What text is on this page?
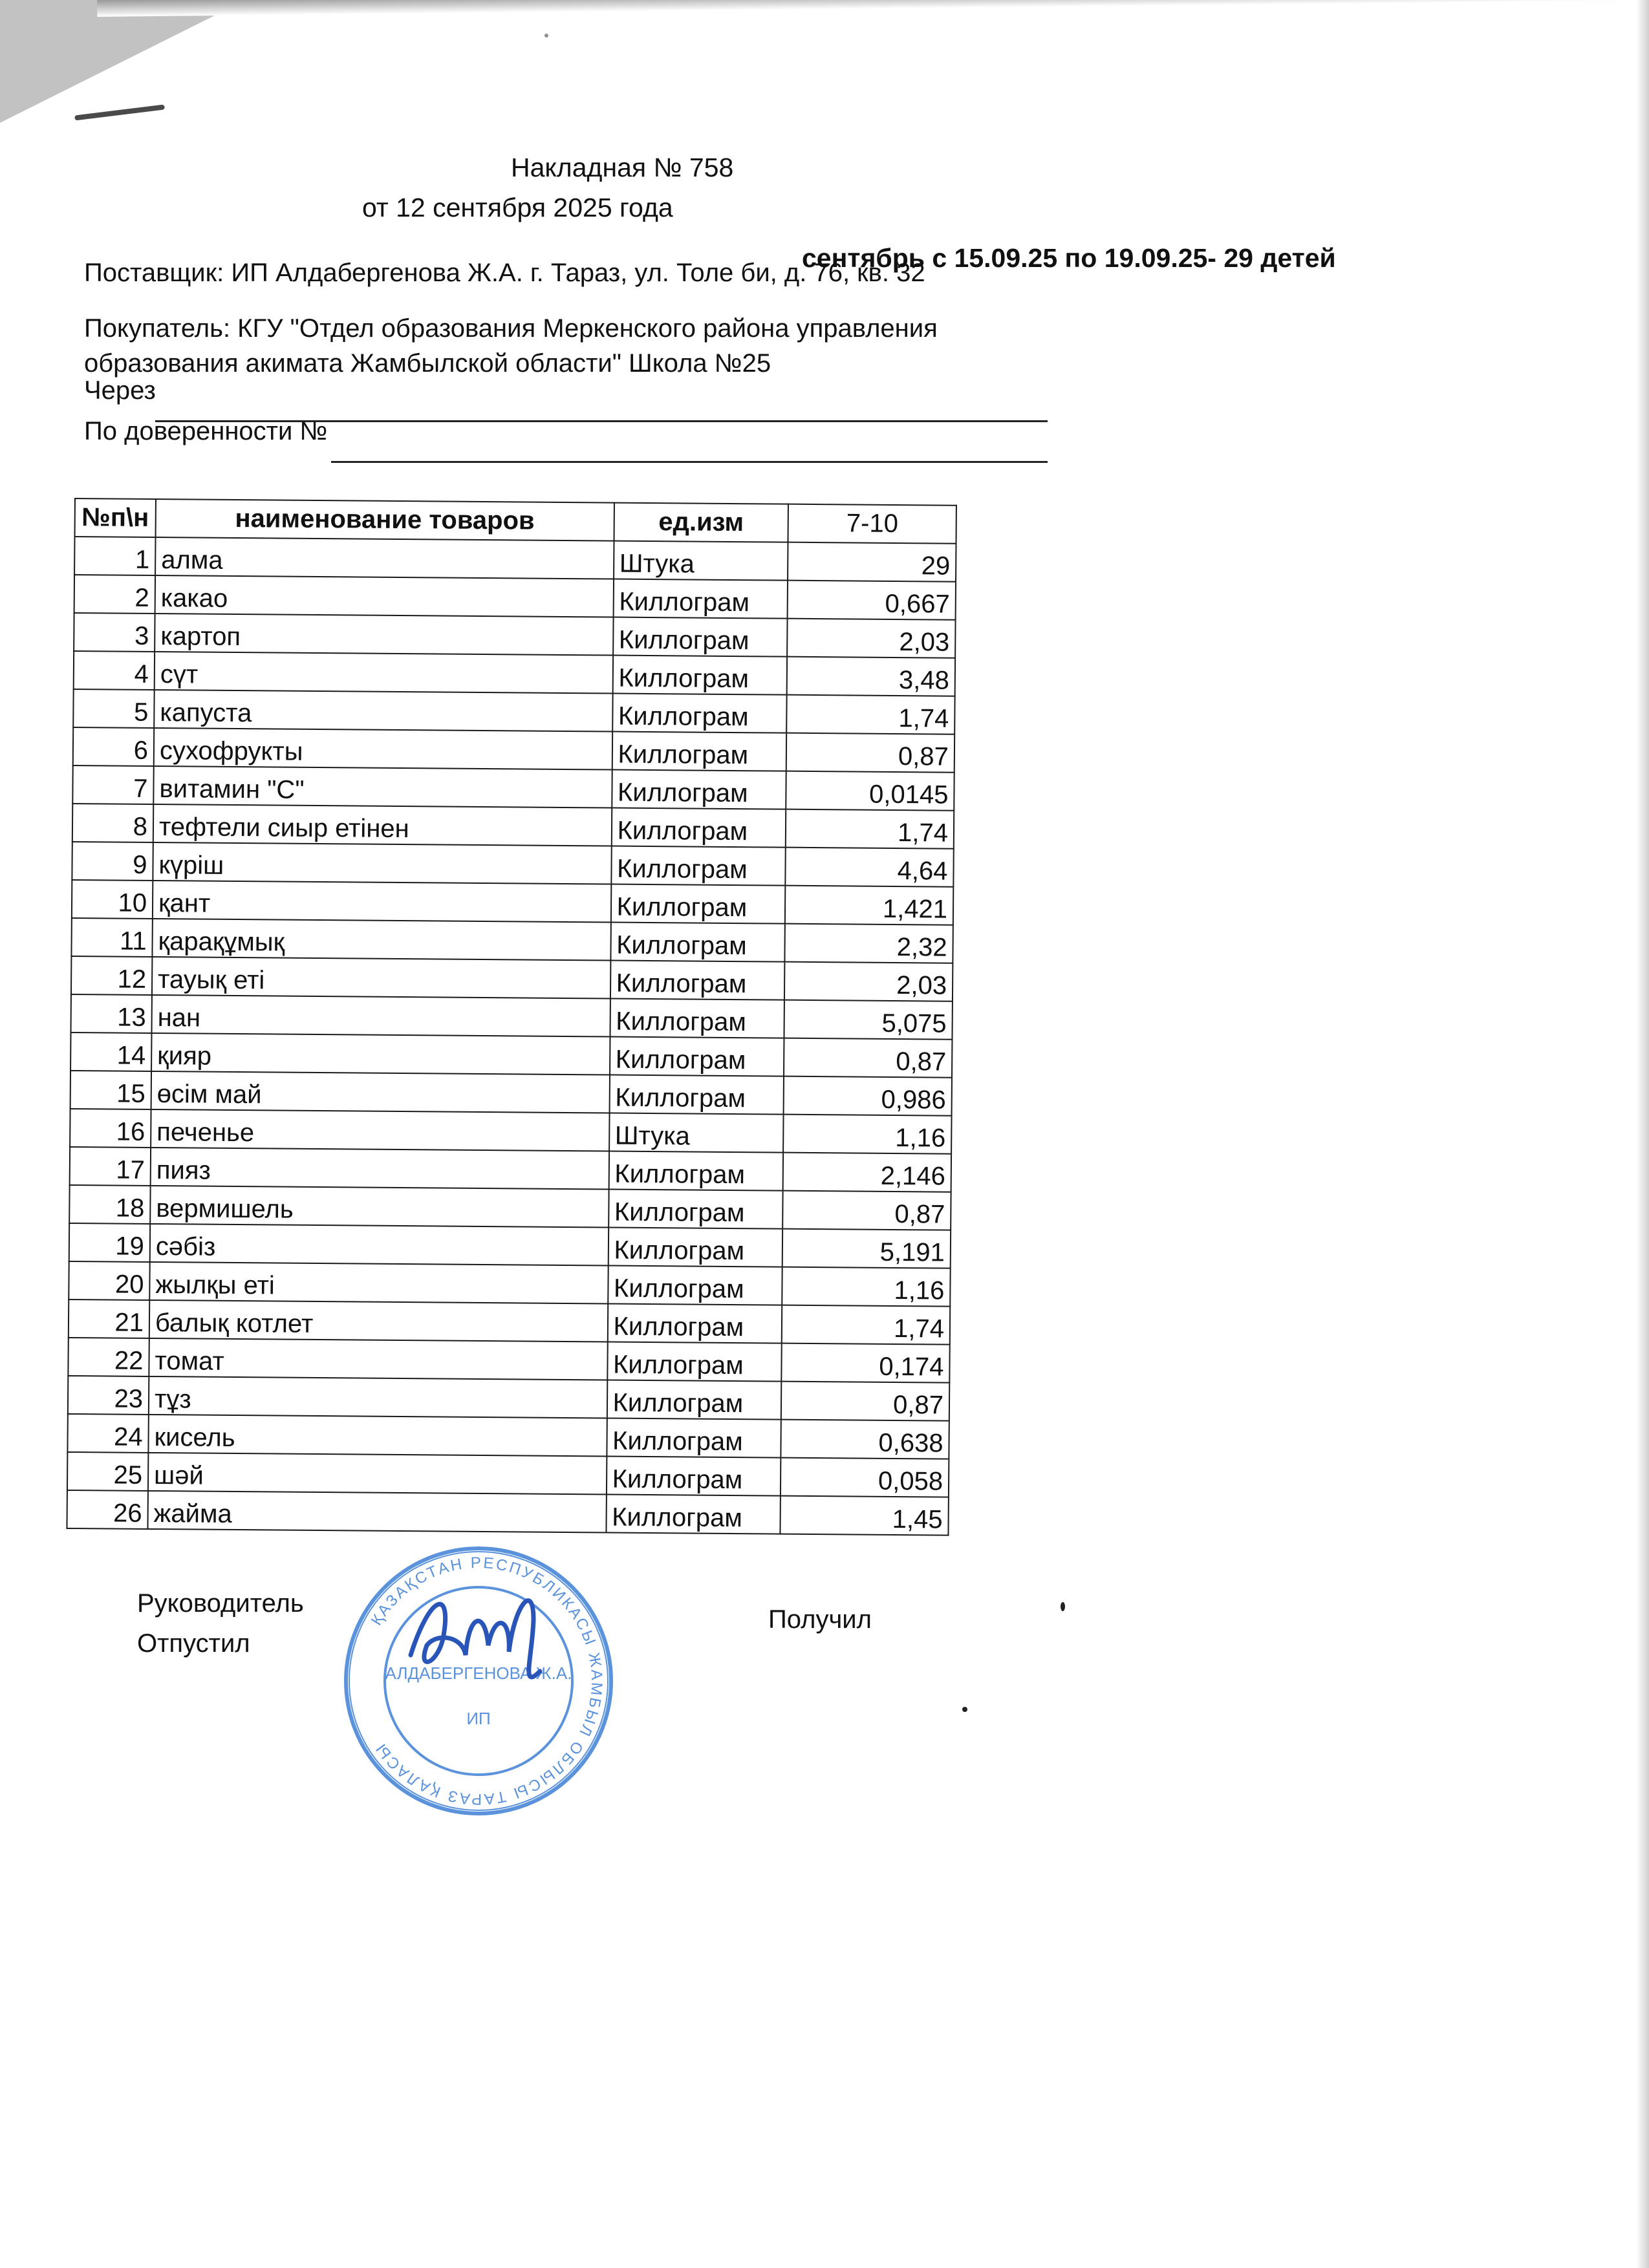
Накладная № 758
от 12 сентября 2025 года
сентябрь с 15.09.25 по 19.09.25- 29 детей
Поставщик: ИП Алдабергенова Ж.А. г. Тараз, ул. Толе би, д. 76, кв. 32
Покупатель: КГУ "Отдел образования Меркенского района управления
образования акимата Жамбылской области" Школа №25
Через
По доверенности №
№п\н	наименование товаров	ед.изм	7-10
1	алма	Штука	29
2	какао	Киллограм	0,667
3	картоп	Киллограм	2,03
4	сүт	Киллограм	3,48
5	капуста	Киллограм	1,74
6	сухофрукты	Киллограм	0,87
7	витамин "С"	Киллограм	0,0145
8	тефтели сиыр етінен	Киллограм	1,74
9	күріш	Киллограм	4,64
10	қант	Киллограм	1,421
11	қарақұмық	Киллограм	2,32
12	тауық еті	Киллограм	2,03
13	нан	Киллограм	5,075
14	қияр	Киллограм	0,87
15	өсім май	Киллограм	0,986
16	печенье	Штука	1,16
17	пияз	Киллограм	2,146
18	вермишель	Киллограм	0,87
19	сәбіз	Киллограм	5,191
20	жылқы еті	Киллограм	1,16
21	балық котлет	Киллограм	1,74
22	томат	Киллограм	0,174
23	тұз	Киллограм	0,87
24	кисель	Киллограм	0,638
25	шәй	Киллограм	0,058
26	жайма	Киллограм	1,45
Руководитель
Отпустил
Получил
ҚАЗАҚСТАН РЕСПУБЛИКАСЫ ЖАМБЫЛ ОБЛЫСЫ ТАРАЗ ҚАЛАСЫ
АЛДАБЕРГЕНОВА Ж.А.
ИП
